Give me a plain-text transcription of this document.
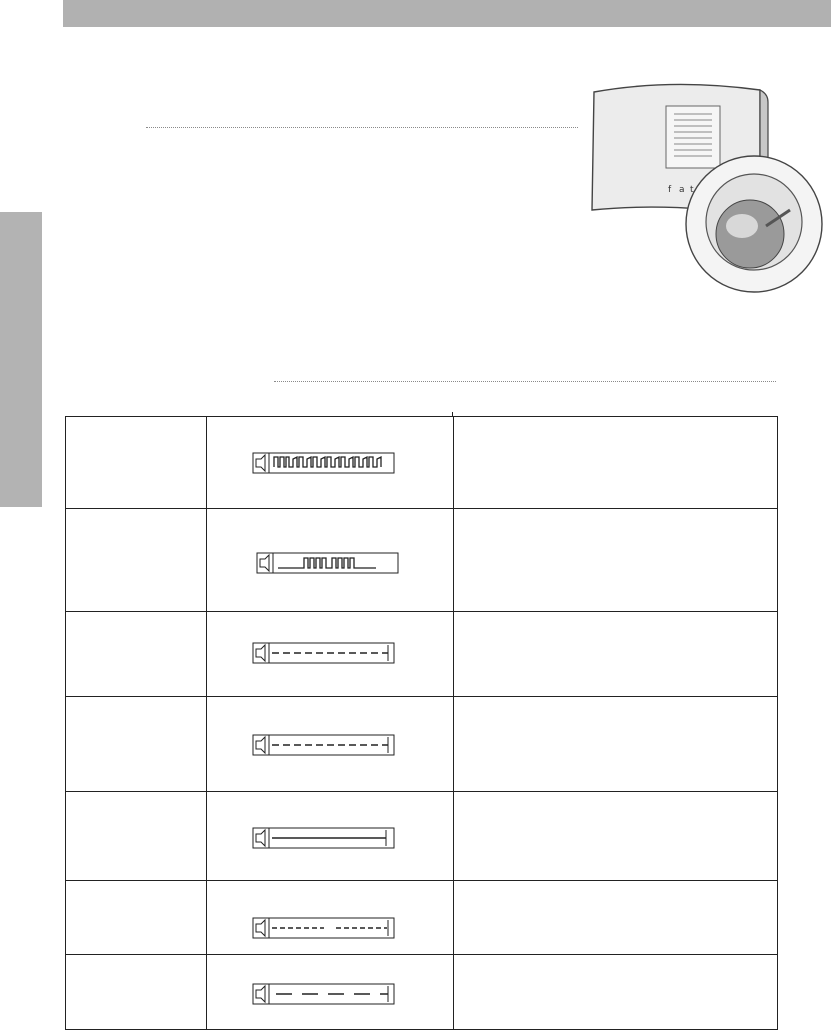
f a t
